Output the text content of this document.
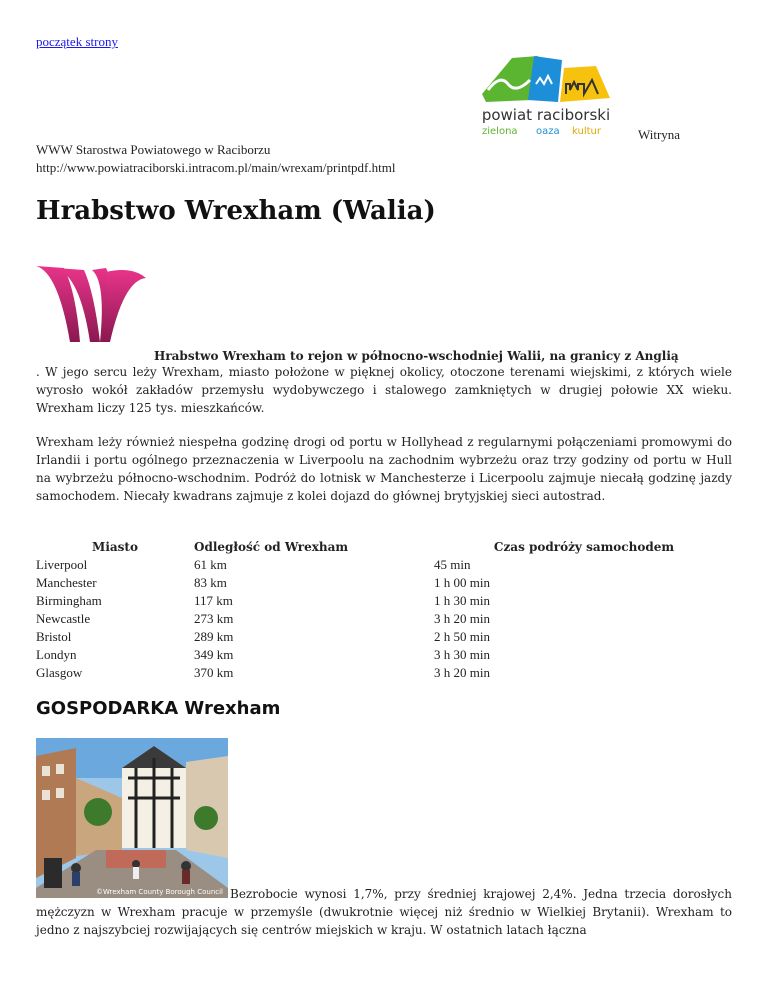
początek strony
powiat raciborski
zielona oaza kultur	Witryna
WWW Starostwa Powiatowego w Raciborzu
http://www.powiatraciborski.intracom.pl/main/wrexam/printpdf.html
Hrabstwo Wrexham (Walia)
Hrabstwo Wrexham to rejon w północno-wschodniej Walii, na granicy z Anglią

. W jego sercu leży Wrexham, miasto położone w pięknej okolicy, otoczone terenami wiejskimi, z których wiele wyrosło wokół zakładów przemysłu wydobywczego i stalowego zamkniętych w drugiej połowie XX wieku. Wrexham liczy 125 tys. mieszkańców.

Wrexham leży również niespełna godzinę drogi od portu w Hollyhead z regularnymi połączeniami promowymi do Irlandii i portu ogólnego przeznaczenia w Liverpoolu na zachodnim wybrzeżu oraz trzy godziny od portu w Hull na wybrzeżu północno-wschodnim. Podróż do lotnisk w Manchesterze i Licerpoolu zajmuje niecałą godzinę jazdy samochodem. Niecały kwadrans zajmuje z kolei dojazd do głównej brytyjskiej sieci autostrad.

Miasto	Odległość od Wrexham	Czas podróży samochodem
Liverpool	61 km	45 min
Manchester	83 km	1 h 00 min
Birmingham	117 km	1 h 30 min
Newcastle	273 km	3 h 20 min
Bristol	289 km	2 h 50 min
Londyn	349 km	3 h 30 min
Glasgow	370 km	3 h 20 min
GOSPODARKA Wrexham
©Wrexham County Borough Council Bezrobocie wynosi 1,7%, przy średniej krajowej 2,4%. Jedna trzecia dorosłych mężczyzn w Wrexham pracuje w przemyśle (dwukrotnie więcej niż średnio w Wielkiej Brytanii). Wrexham to jedno z najszybciej rozwijających się centrów miejskich w kraju. W ostatnich latach łączna
